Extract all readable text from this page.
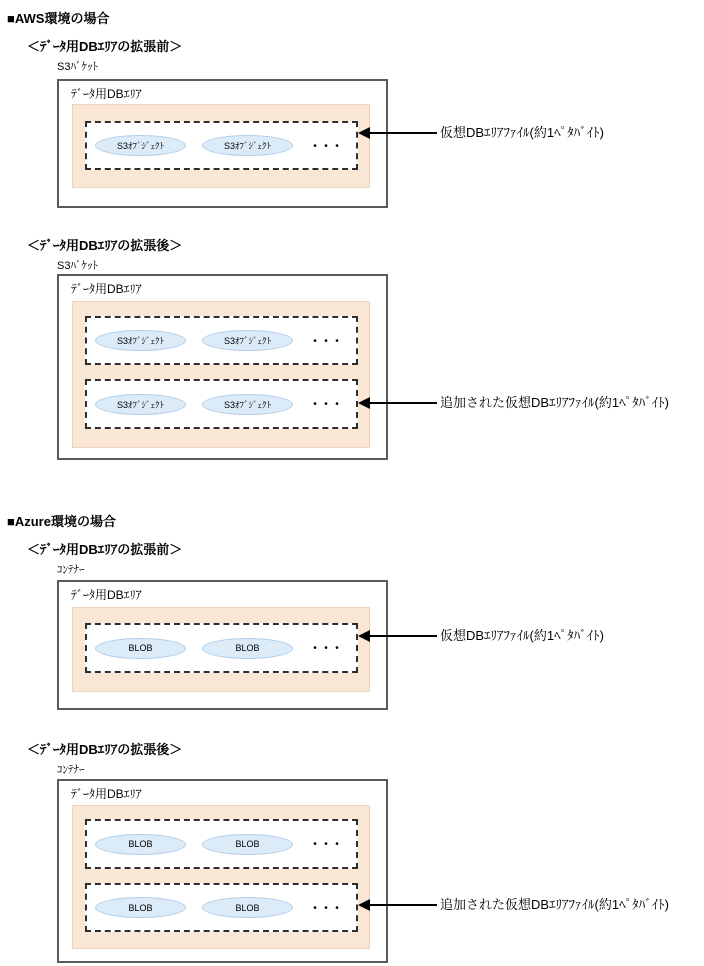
■AWS環境の場合
＜ﾃﾞｰﾀ用DBｴﾘｱの拡張前＞
S3ﾊﾞｹｯﾄ
ﾃﾞｰﾀ用DBｴﾘｱ
S3ｵﾌﾞｼﾞｪｸﾄ	S3ｵﾌﾞｼﾞｪｸﾄ	・・・
仮想DBｴﾘｱﾌｧｲﾙ(約1ﾍﾟﾀﾊﾞｲﾄ)
＜ﾃﾞｰﾀ用DBｴﾘｱの拡張後＞
S3ﾊﾞｹｯﾄ
ﾃﾞｰﾀ用DBｴﾘｱ
S3ｵﾌﾞｼﾞｪｸﾄ	S3ｵﾌﾞｼﾞｪｸﾄ	・・・
S3ｵﾌﾞｼﾞｪｸﾄ	S3ｵﾌﾞｼﾞｪｸﾄ	・・・	追加された仮想DBｴﾘｱﾌｧｲﾙ(約1ﾍﾟﾀﾊﾞｲﾄ)
■Azure環境の場合
＜ﾃﾞｰﾀ用DBｴﾘｱの拡張前＞
ｺﾝﾃﾅｰ
ﾃﾞｰﾀ用DBｴﾘｱ
BLOB	BLOB	・・・
仮想DBｴﾘｱﾌｧｲﾙ(約1ﾍﾟﾀﾊﾞｲﾄ)
＜ﾃﾞｰﾀ用DBｴﾘｱの拡張後＞
ｺﾝﾃﾅｰ
ﾃﾞｰﾀ用DBｴﾘｱ
BLOB	BLOB	・・・
BLOB	BLOB	・・・	追加された仮想DBｴﾘｱﾌｧｲﾙ(約1ﾍﾟﾀﾊﾞｲﾄ)
